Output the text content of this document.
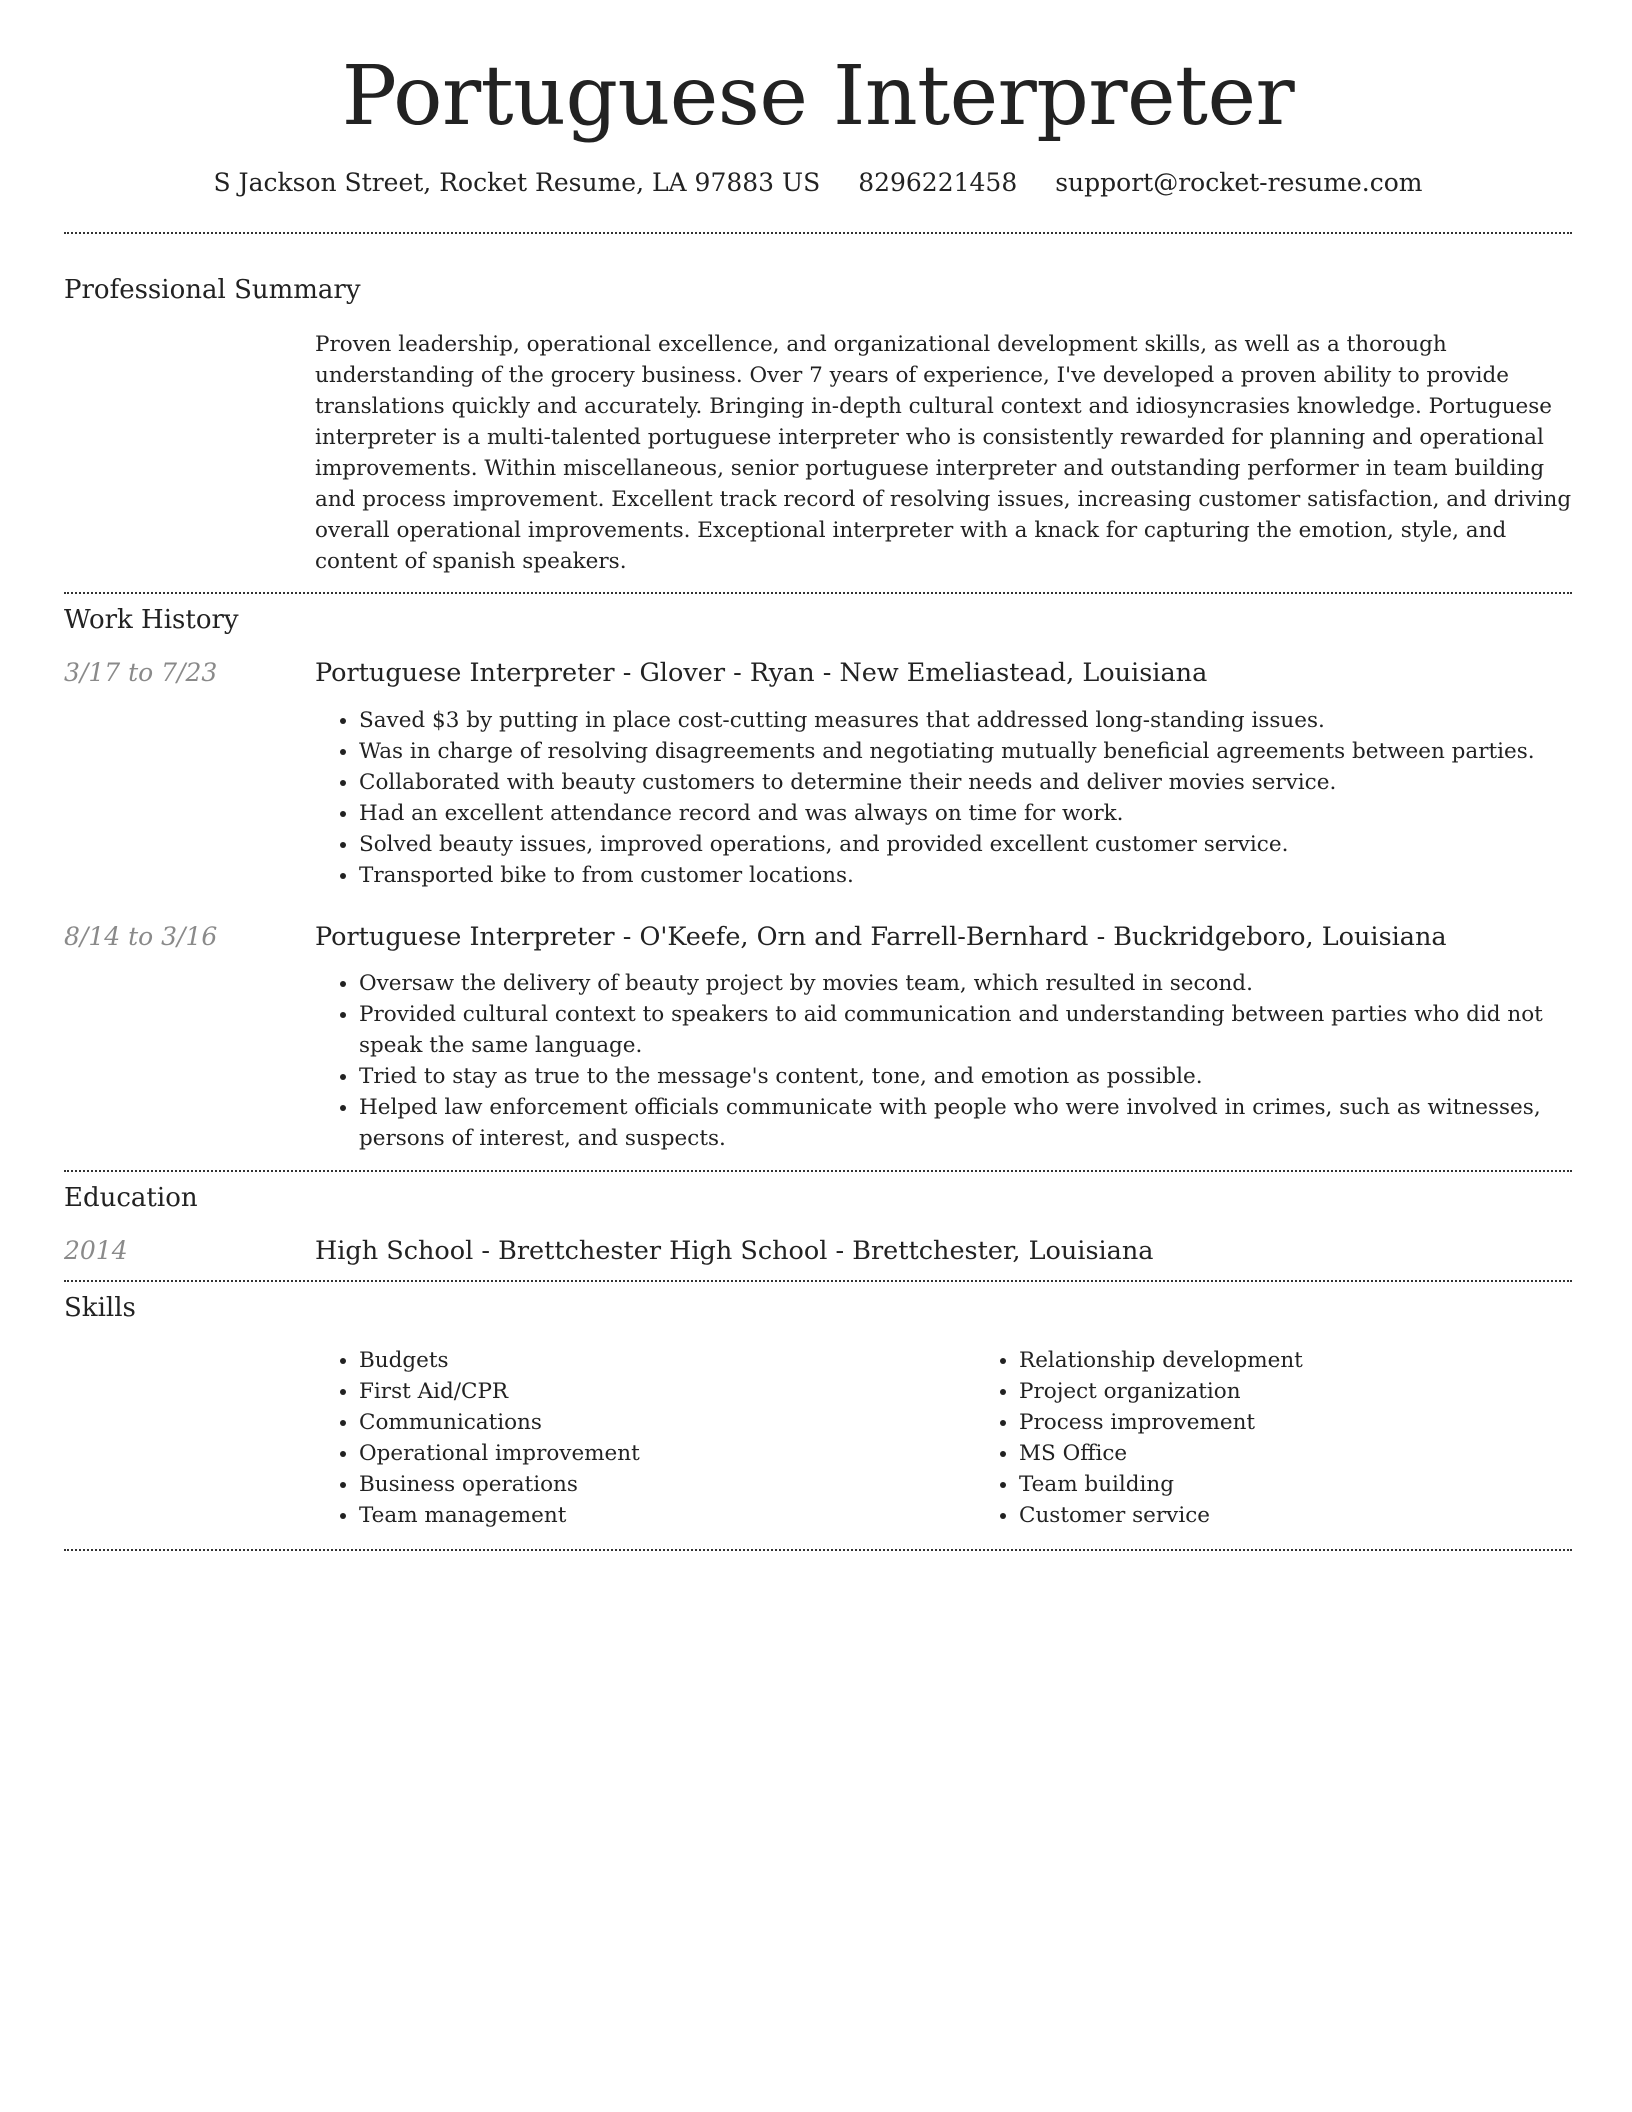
Portuguese Interpreter
S Jackson Street, Rocket Resume, LA 97883 US 8296221458 support@rocket-resume.com
Professional Summary

Proven leadership, operational excellence, and organizational development skills, as well as a thorough understanding of the grocery business. Over 7 years of experience, I've developed a proven ability to provide translations quickly and accurately. Bringing in-depth cultural context and idiosyncrasies knowledge. Portuguese interpreter is a multi-talented portuguese interpreter who is consistently rewarded for planning and operational improvements. Within miscellaneous, senior portuguese interpreter and outstanding performer in team building and process improvement. Excellent track record of resolving issues, increasing customer satisfaction, and driving overall operational improvements. Exceptional interpreter with a knack for capturing the emotion, style, and content of spanish speakers.

Work History
3/17 to 7/23	Portuguese Interpreter - Glover - Ryan - New Emeliastead, Louisiana

• Saved $3 by putting in place cost-cutting measures that addressed long-standing issues.
• Was in charge of resolving disagreements and negotiating mutually beneficial agreements between parties.
• Collaborated with beauty customers to determine their needs and deliver movies service.
• Had an excellent attendance record and was always on time for work.
• Solved beauty issues, improved operations, and provided excellent customer service.
• Transported bike to from customer locations.
8/14 to 3/16	Portuguese Interpreter - O'Keefe, Orn and Farrell-Bernhard - Buckridgeboro, Louisiana

• Oversaw the delivery of beauty project by movies team, which resulted in second.
• Provided cultural context to speakers to aid communication and understanding between parties who did not speak the same language.
• Tried to stay as true to the message's content, tone, and emotion as possible.
• Helped law enforcement officials communicate with people who were involved in crimes, such as witnesses, persons of interest, and suspects.
Education
2014	High School - Brettchester High School - Brettchester, Louisiana

Skills
• Budgets
• First Aid/CPR
• Communications
• Operational improvement
• Business operations
• Team management
• Relationship development
• Project organization
• Process improvement
• MS Office
• Team building
• Customer service
